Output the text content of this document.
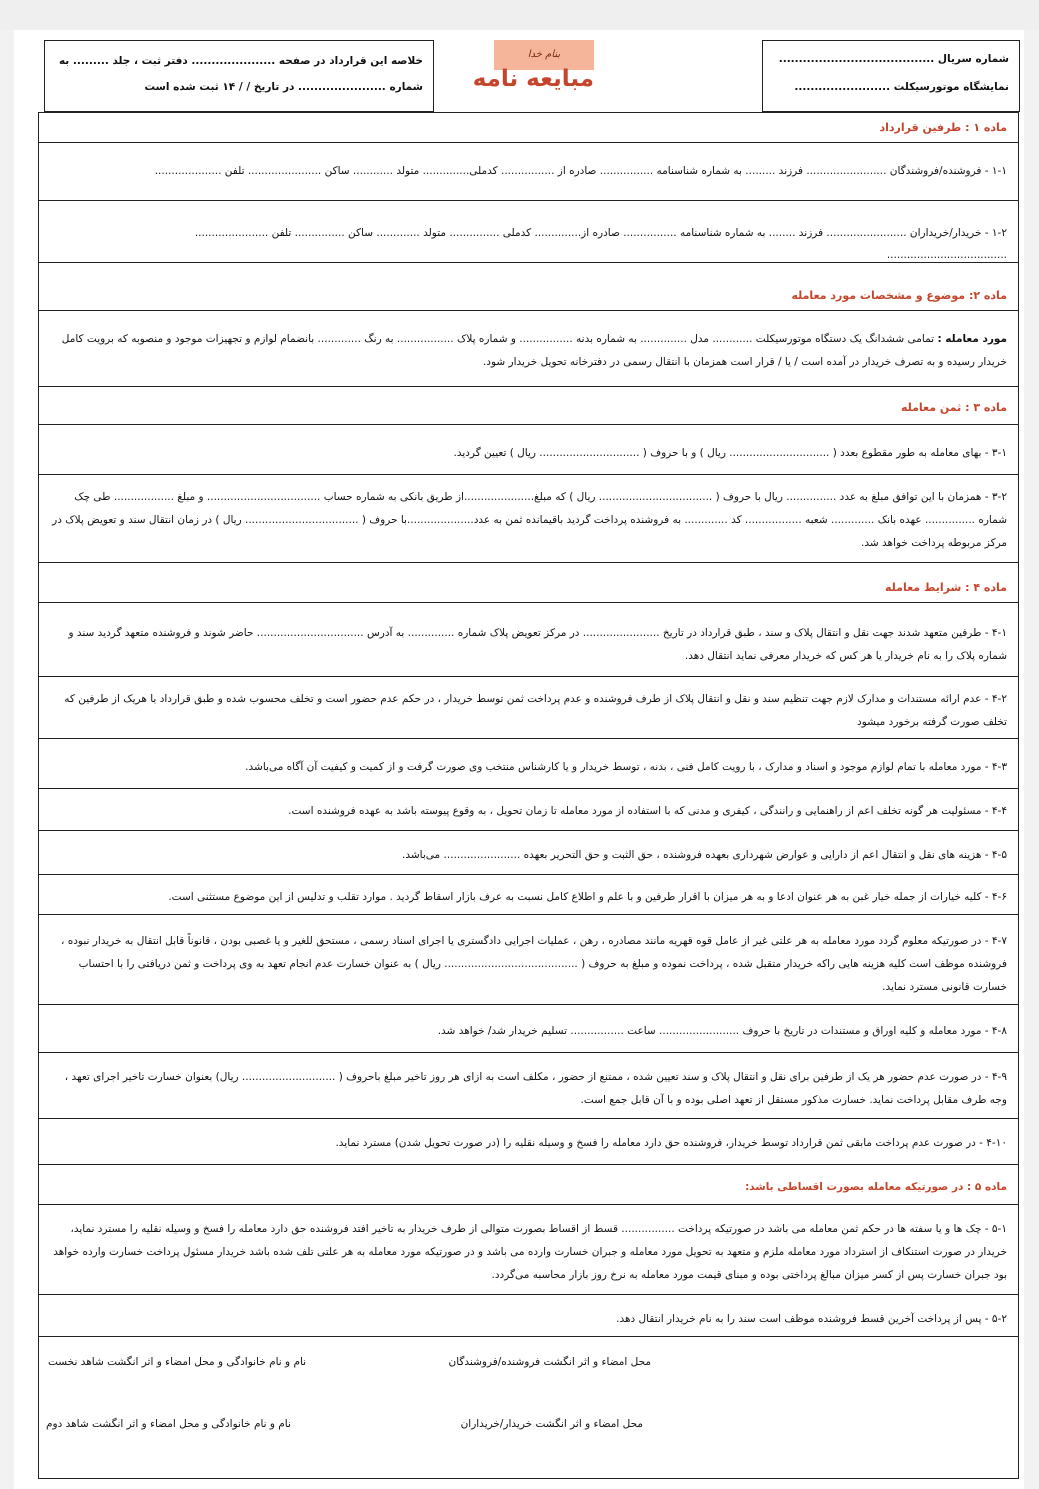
شماره سریال .......................................
نمایشگاه موتورسیکلت ........................
بنام خدا
مبایعه نامه
خلاصه این قرارداد در صفحه ..................... دفتر ثبت ، جلد ......... به
شماره ...................... در تاریخ / / ۱۴ ثبت شده است
ماده ۱ : طرفین قرارداد
۱-۱ - فروشنده/فروشندگان ........................ فرزند ......... به شماره شناسنامه ................ صادره از ................ کدملی.............. متولد ............ ساکن ...................... تلفن ....................
۱-۲ - خریدار/خریداران ........................ فرزند ........ به شماره شناسنامه ................ صادره از.............. کدملی ............... متولد ............. ساکن ............... تلفن ......................
....................................
ماده ۲: موضوع و مشخصات مورد معامله
مورد معامله : تمامی ششدانگ یک دستگاه موتورسیکلت ............ مدل .............. به شماره بدنه ................ و شماره پلاک ................. به رنگ ............. بانضمام لوازم و تجهیزات موجود و منصوبه که برویت کامل خریدار رسیده و به تصرف خریدار در آمده است / یا / قرار است همزمان با انتقال رسمی در دفترخانه تحویل خریدار شود.
ماده ۳ : ثمن معامله
۳-۱ - بهای معامله به طور مقطوع بعدد ( .............................. ریال ) و با حروف ( .............................. ریال ) تعیین گردید.
۳-۲ - همزمان با این توافق مبلغ به عدد ............... ریال با حروف ( .................................. ریال ) که مبلغ.....................از طریق بانکی به شماره حساب .................................. و مبلغ .................. طی چک شماره ............... عهده بانک ............. شعبه ................. کد ............. به فروشنده پرداخت گردید باقیمانده ثمن به عدد....................با حروف ( .................................. ریال ) در زمان انتقال سند و تعویض پلاک در مرکز مربوطه پرداخت خواهد شد.
ماده ۴ : شرایط معامله
۴-۱ - طرفین متعهد شدند جهت نقل و انتقال پلاک و سند ، طبق قرارداد در تاریخ ....................... در مرکز تعویض پلاک شماره .............. به آدرس ................................ حاضر شوند و فروشنده متعهد گردید سند و شماره پلاک را به نام خریدار یا هر کس که خریدار معرفی نماید انتقال دهد.
۴-۲ - عدم ارائه مستندات و مدارک لازم جهت تنظیم سند و نقل و انتقال پلاک از طرف فروشنده و عدم پرداخت ثمن توسط خریدار ، در حکم عدم حضور است و تخلف محسوب شده و طبق قرارداد با هریک از طرفین که تخلف صورت گرفته برخورد میشود
۴-۳ - مورد معامله با تمام لوازم موجود و اسناد و مدارک ، با رویت کامل فنی ، بدنه ، توسط خریدار و یا کارشناس منتخب وی صورت گرفت و از کمیت و کیفیت آن آگاه می‌باشد.
۴-۴ - مسئولیت هر گونه تخلف اعم از راهنمایی و رانندگی ، کیفری و مدنی که با استفاده از مورد معامله تا زمان تحویل ، به وقوع پیوسته باشد به عهده فروشنده است.
۴-۵ - هزینه های نقل و انتقال اعم از دارایی و عوارض شهرداری بعهده فروشنده ، حق الثبت و حق التحریر بعهده ....................... می‌باشد.
۴-۶ - کلیه خیارات از جمله خیار غبن به هر عنوان ادعا و به هر میزان با اقرار طرفین و با علم و اطلاع کامل نسبت به عرف بازار اسقاط گردید . موارد تقلب و تدلیس از این موضوع مستثنی است.
۴-۷ - در صورتیکه معلوم گردد مورد معامله به هر علتی غیر از عامل قوه قهریه مانند مصادره ، رهن ، عملیات اجرایی دادگستری یا اجرای اسناد رسمی ، مستحق للغیر و یا غصبی بودن ، قانوناً قابل انتقال به خریدار نبوده ، فروشنده موظف است کلیه هزینه هایی راکه خریدار متقبل شده ، پرداخت نموده و مبلغ به حروف ( ........................................ ریال ) به عنوان خسارت عدم انجام تعهد به وی پرداخت و ثمن دریافتی را با احتساب خسارت قانونی مسترد نماید.
۴-۸ - مورد معامله و کلیه اوراق و مستندات در تاریخ با حروف ........................ ساعت ................ تسلیم خریدار شد/ خواهد شد.
۴-۹ - در صورت عدم حضور هر یک از طرفین برای نقل و انتقال پلاک و سند تعیین شده ، ممتنع از حضور ، مکلف است به ازای هر روز تاخیر مبلغ باحروف ( ............................ ریال) بعنوان خسارت تاخیر اجرای تعهد ، وجه طرف مقابل پرداخت نماید. خسارت مذکور مستقل از تعهد اصلی بوده و با آن قابل جمع است.
۴-۱۰ - در صورت عدم پرداخت مابقی ثمن قرارداد توسط خریدار، فروشنده حق دارد معامله را فسخ و وسیله نقلیه را (در صورت تحویل شدن) مسترد نماید.
ماده ۵ : در صورتیکه معامله بصورت اقساطی باشد:
۵-۱ - چک ها و یا سفته ها در حکم ثمن معامله می باشد در صورتیکه پرداخت ................ قسط از اقساط بصورت متوالی از طرف خریدار به تاخیر افتد فروشنده حق دارد معامله را فسخ و وسیله نقلیه را مسترد نماید، خریدار در صورت استنکاف از استرداد مورد معامله ملزم و متعهد به تحویل مورد معامله و جبران خسارت وارده می باشد و در صورتیکه مورد معامله به هر علتی تلف شده باشد خریدار مسئول پرداخت خسارت وارده خواهد بود جبران خسارت پس از کسر میزان مبالغ پرداختی بوده و مبنای قیمت مورد معامله به نرخ روز بازار محاسبه می‌گردد.
۵-۲ - پس از پرداخت آخرین قسط فروشنده موظف است سند را به نام خریدار انتقال دهد.
محل امضاء و اثر انگشت فروشنده/فروشندگان
نام و نام خانوادگی و محل امضاء و اثر انگشت شاهد نخست
محل امضاء و اثر انگشت خریدار/خریداران
نام و نام خانوادگی و محل امضاء و اثر انگشت شاهد دوم
